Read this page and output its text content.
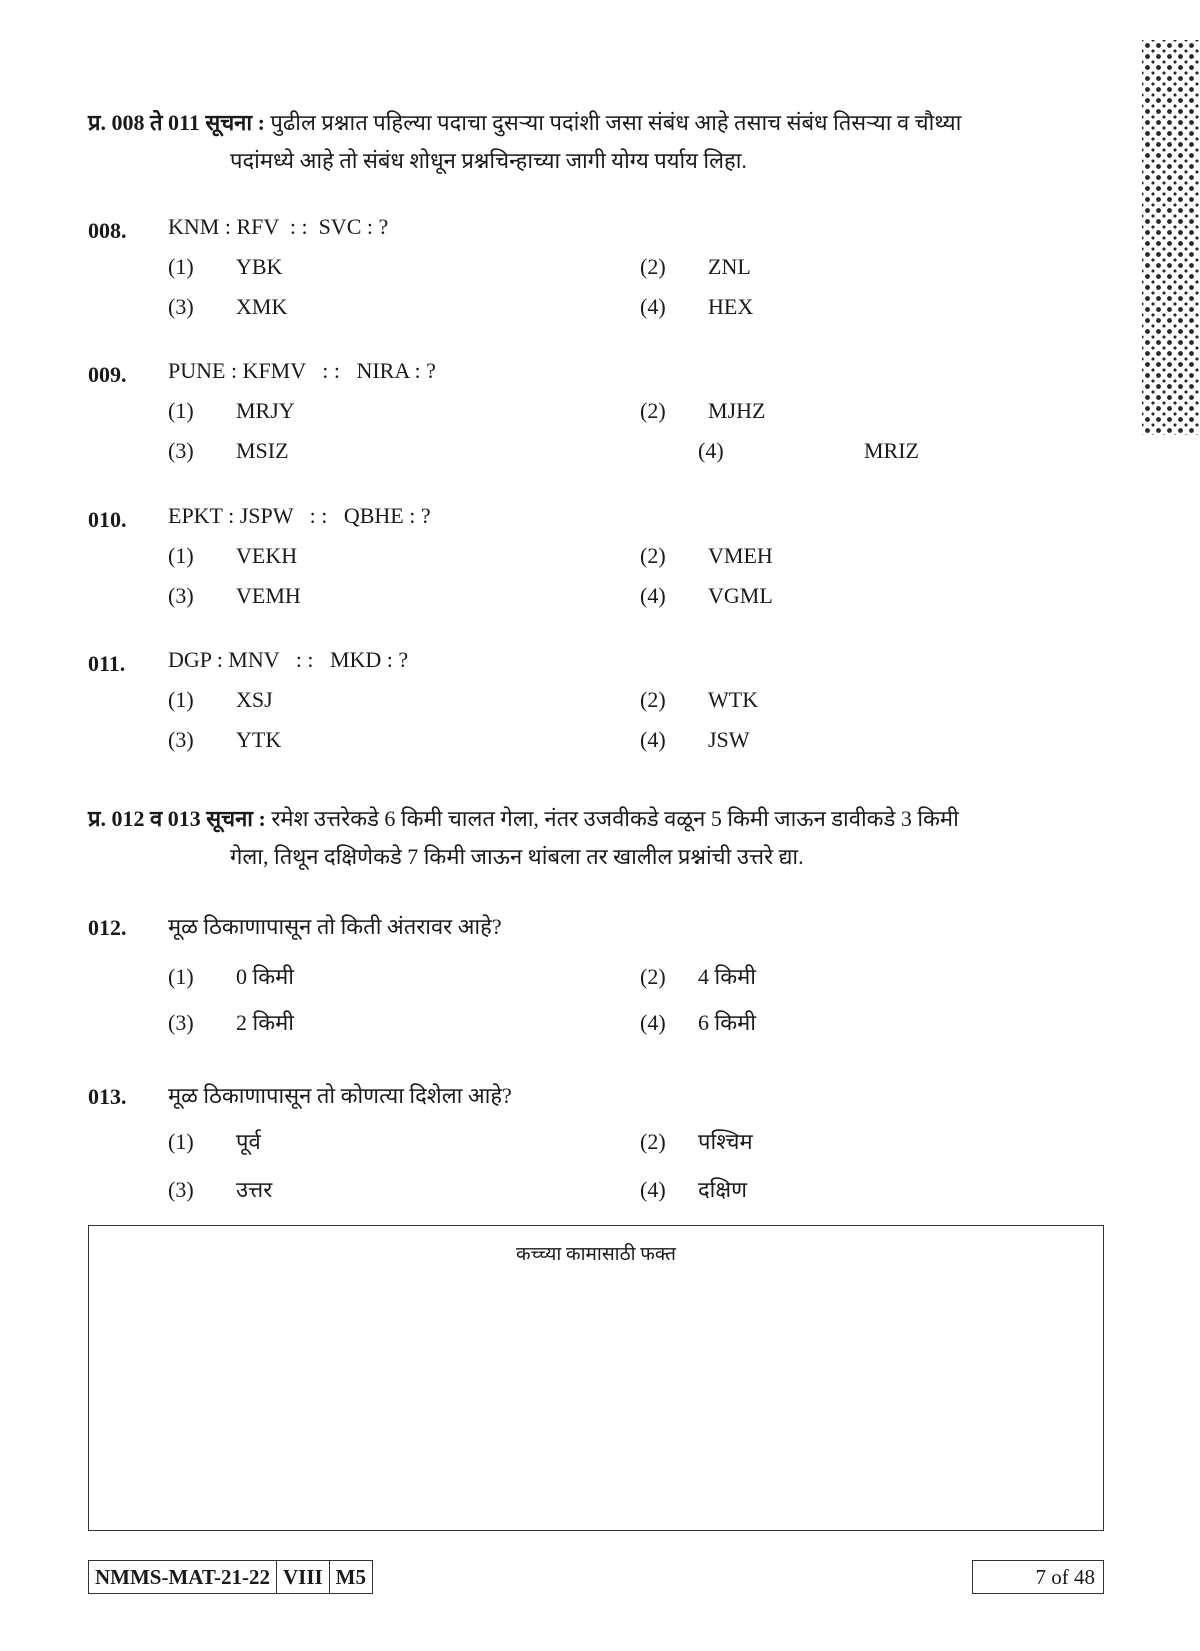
प्र. 008 ते 011 सूचना : पुढील प्रश्नात पहिल्या पदाचा दुसऱ्या पदांशी जसा संबंध आहे तसाच संबंध तिसऱ्या व चौथ्या
पदांमध्ये आहे तो संबंध शोधून प्रश्नचिन्हाच्या जागी योग्य पर्याय लिहा.
008. KNM : RFV  : :  SVC : ?
(1) YBK	(2) ZNL
(3) XMK	(4) HEX
009. PUNE : KFMV   : :   NIRA : ?
(1) MRJY	(2) MJHZ
(3) MSIZ	(4)	MRIZ
010. EPKT : JSPW   : :   QBHE : ?
(1) VEKH	(2) VMEH
(3) VEMH	(4) VGML
011. DGP : MNV   : :   MKD : ?
(1) XSJ	(2) WTK
(3) YTK	(4) JSW
प्र. 012 व 013 सूचना : रमेश उत्तरेकडे 6 किमी चालत गेला, नंतर उजवीकडे वळून 5 किमी जाऊन डावीकडे 3 किमी
गेला, तिथून दक्षिणेकडे 7 किमी जाऊन थांबला तर खालील प्रश्नांची उत्तरे द्या.
012. मूळ ठिकाणापासून तो किती अंतरावर आहे?
(1) 0 किमी	(2) 4 किमी
(3) 2 किमी	(4) 6 किमी
013. मूळ ठिकाणापासून तो कोणत्या दिशेला आहे?
(1) पूर्व	(2) पश्चिम
(3) उत्तर	(4) दक्षिण
कच्च्या कामासाठी फक्त
NMMS-MAT-21-22 VIII M5	7 of 48
